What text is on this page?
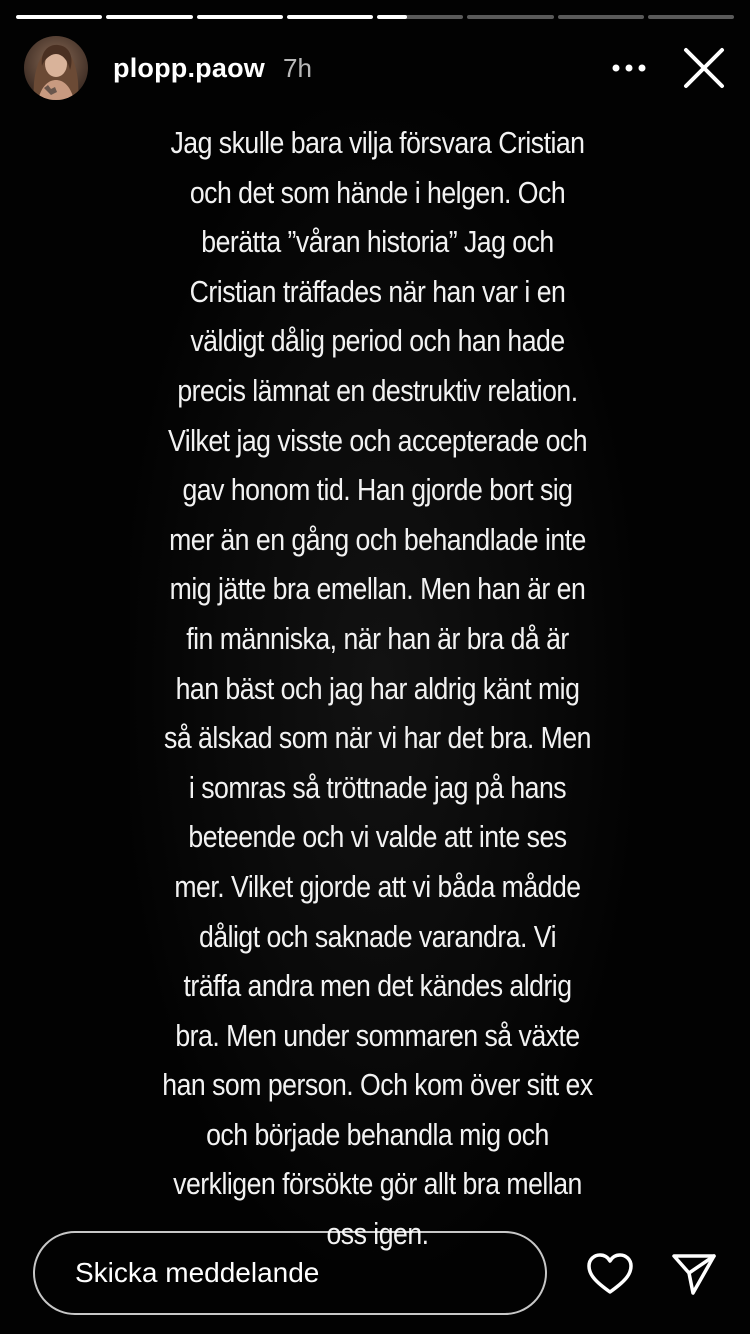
plopp.paow 7h
Jag skulle bara vilja försvara Cristian
och det som hände i helgen. Och
berätta ”våran historia” Jag och
Cristian träffades när han var i en
väldigt dålig period och han hade
precis lämnat en destruktiv relation.
Vilket jag visste och accepterade och
gav honom tid. Han gjorde bort sig
mer än en gång och behandlade inte
mig jätte bra emellan. Men han är en
fin människa, när han är bra då är
han bäst och jag har aldrig känt mig
så älskad som när vi har det bra. Men
i somras så tröttnade jag på hans
beteende och vi valde att inte ses
mer. Vilket gjorde att vi båda mådde
dåligt och saknade varandra. Vi
träffa andra men det kändes aldrig
bra. Men under sommaren så växte
han som person. Och kom över sitt ex
och började behandla mig och
verkligen försökte gör allt bra mellan
oss igen.
Skicka meddelande
